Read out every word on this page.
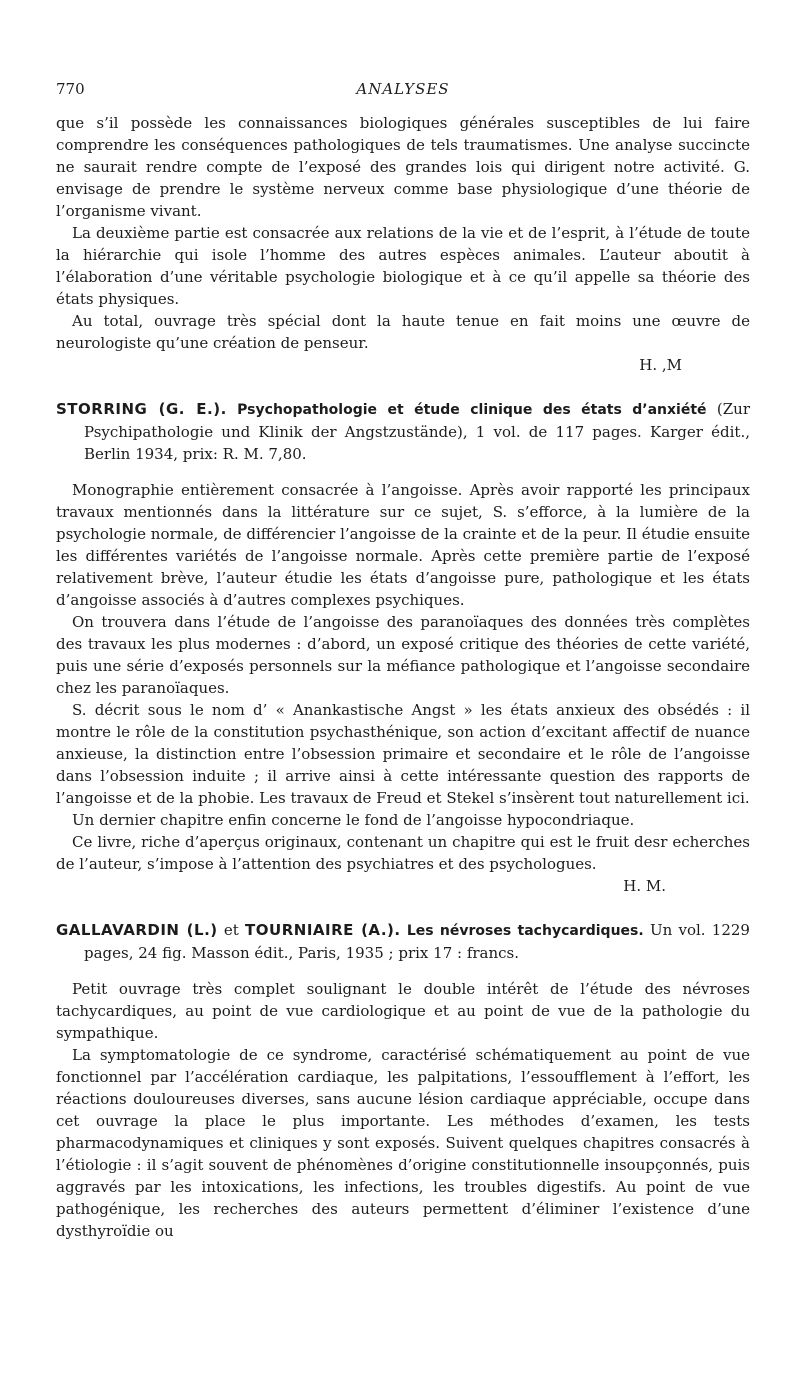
770	ANALYSES

que s’il possède les connaissances biologiques générales susceptibles de lui faire comprendre les conséquences pathologiques de tels traumatismes. Une analyse succincte ne saurait rendre compte de l’exposé des grandes lois qui dirigent notre activité. G. envisage de prendre le système nerveux comme base physiologique d’une théorie de l’organisme vivant.

La deuxième partie est consacrée aux relations de la vie et de l’esprit, à l’étude de toute la hiérarchie qui isole l’homme des autres espèces animales. L’auteur aboutit à l’élaboration d’une véritable psychologie biologique et à ce qu’il appelle sa théorie des états physiques.

Au total, ouvrage très spécial dont la haute tenue en fait moins une œuvre de neurologiste qu’une création de penseur.

H. ,M

STORRING (G. E.). Psychopathologie et étude clinique des états d’anxiété (Zur Psychipathologie und Klinik der Angstzustände), 1 vol. de 117 pages. Karger édit., Berlin 1934, prix: R. M. 7,80.

Monographie entièrement consacrée à l’angoisse. Après avoir rapporté les principaux travaux mentionnés dans la littérature sur ce sujet, S. s’efforce, à la lumière de la psychologie normale, de différencier l’angoisse de la crainte et de la peur. Il étudie ensuite les différentes variétés de l’angoisse normale. Après cette première partie de l’exposé relativement brève, l’auteur étudie les états d’angoisse pure, pathologique et les états d’angoisse associés à d’autres complexes psychiques.

On trouvera dans l’étude de l’angoisse des paranoïaques des données très complètes des travaux les plus modernes : d’abord, un exposé critique des théories de cette variété, puis une série d’exposés personnels sur la méfiance pathologique et l’angoisse secondaire chez les paranoïaques.

S. décrit sous le nom d’ « Anankastische Angst » les états anxieux des obsédés : il montre le rôle de la constitution psychasthénique, son action d’excitant affectif de nuance anxieuse, la distinction entre l’obsession primaire et secondaire et le rôle de l’angoisse dans l’obsession induite ; il arrive ainsi à cette intéressante question des rapports de l’angoisse et de la phobie. Les travaux de Freud et Stekel s’insèrent tout naturellement ici.

Un dernier chapitre enfin concerne le fond de l’angoisse hypocondriaque.

Ce livre, riche d’aperçus originaux, contenant un chapitre qui est le fruit desr echerches de l’auteur, s’impose à l’attention des psychiatres et des psychologues.

H. M.

GALLAVARDIN (L.) et TOURNIAIRE (A.). Les névroses tachycardiques. Un vol. 1229 pages, 24 fig. Masson édit., Paris, 1935 ; prix 17 : francs.

Petit ouvrage très complet soulignant le double intérêt de l’étude des névroses tachycardiques, au point de vue cardiologique et au point de vue de la pathologie du sympathique.

La symptomatologie de ce syndrome, caractérisé schématiquement au point de vue fonctionnel par l’accélération cardiaque, les palpitations, l’essoufflement à l’effort, les réactions douloureuses diverses, sans aucune lésion cardiaque appréciable, occupe dans cet ouvrage la place le plus importante. Les méthodes d’examen, les tests pharmacodynamiques et cliniques y sont exposés. Suivent quelques chapitres consacrés à l’étiologie : il s’agit souvent de phénomènes d’origine constitutionnelle insoupçonnés, puis aggravés par les intoxications, les infections, les troubles digestifs. Au point de vue pathogénique, les recherches des auteurs permettent d’éliminer l’existence d’une dysthyroïdie ou
